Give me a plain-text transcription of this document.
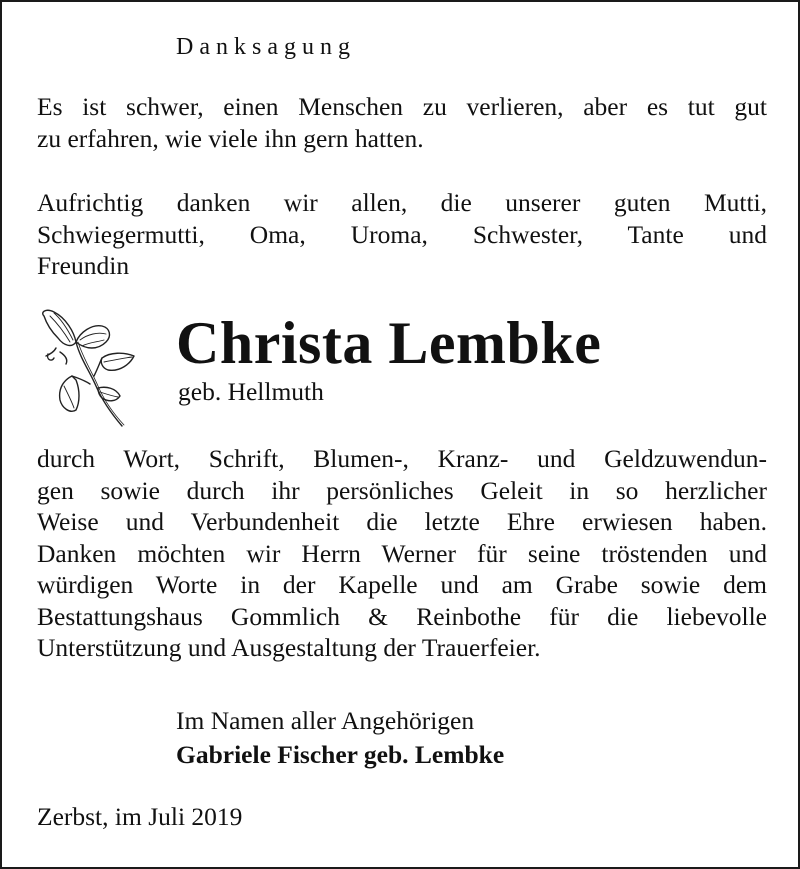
Danksagung
Es ist schwer, einen Menschen zu verlieren, aber es tut gut
zu erfahren, wie viele ihn gern hatten.
Aufrichtig danken wir allen, die unserer guten Mutti,
Schwiegermutti, Oma, Uroma, Schwester, Tante und
Freundin
Christa Lembke
geb. Hellmuth
durch Wort, Schrift, Blumen-, Kranz- und Geldzuwendun-
gen sowie durch ihr persönliches Geleit in so herzlicher
Weise und Verbundenheit die letzte Ehre erwiesen haben.
Danken möchten wir Herrn Werner für seine tröstenden und
würdigen Worte in der Kapelle und am Grabe sowie dem
Bestattungshaus Gommlich & Reinbothe für die liebevolle
Unterstützung und Ausgestaltung der Trauerfeier.
Im Namen aller Angehörigen
Gabriele Fischer geb. Lembke
Zerbst, im Juli 2019
